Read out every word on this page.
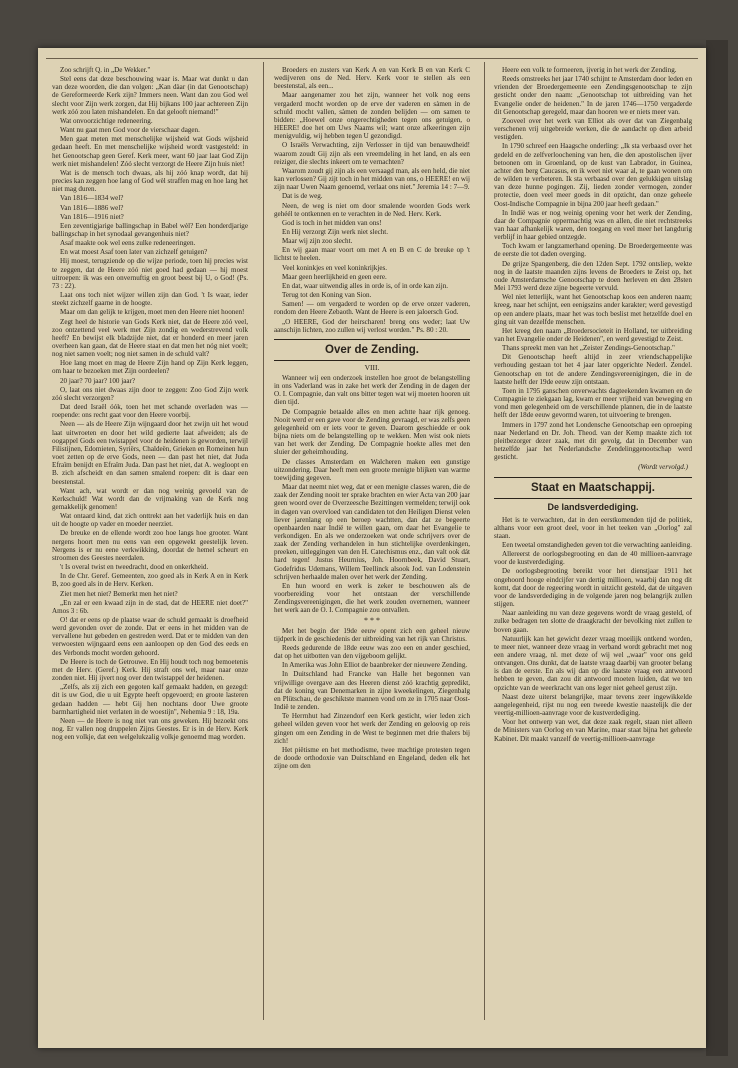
Zoo schrijft Q. in „De Wekker."

Stel eens dat deze beschouwing waar is. Maar wat dunkt u dan van deze woorden, die dan volgen: „Kan dàar (in dat Genootschap) de Gereformeerde Kerk zijn? Immers neen. Want dan zou God wel slecht voor Zijn werk zorgen, dat Hij bijkans 100 jaar achtereen Zijn werk zóó zou laten mishandelen. En dat gelooft niemand!"

Wat onvoorzichtige redeneering.

Want nu gaat men God voor de vierschaar dagen.

Men gaat meten met menschelijke wijsheid wat Gods wijsheid gedaan heeft. En met menschelijke wijsheid wordt vastgesteld: in het Genootschap geen Geref. Kerk meer, want 60 jaar laat God Zijn werk niet mishandelen! Zóó slecht verzorgt de Heere Zijn huis niet!

Wat is de mensch toch dwaas, als hij zóó knap wordt, dat hij precies kan zeggen hoe lang of God wèl straffen mag en hoe lang het niet mag duren.

Van 1816—1834 wel?

Van 1816—1886 wel?

Van 1816—1916 niet?

Een zeventigjarige ballingschap in Babel wèl? Een honderdjarige ballingschap in het synodaal gevangenhuis niet?

Asaf maakte ook wel eens zulke redeneeringen.

En wat moest Asaf toen later van zichzelf getuigen?

Hij moest, terugziende op die wijze periode, toen hij precies wist te zeggen, dat de Heere zóó niet goed had gedaan — hij moest uitroepen: ik was een onvernuftig en groot beest bij U, o God! (Ps. 73 : 22).

Laat ons toch niet wijzer willen zijn dan God. 't Is waar, ieder steekt zichzelf gaarne in de hoogte.

Maar om dan gelijk te krijgen, moet men den Heere niet hoonen!

Zegt heel de historie van Gods Kerk niet, dat de Heere zóó veel, zoo ontzettend veel werk met Zijn zondig en wederstrevend volk heeft? En bewijst elk bladzijde niet, dat er honderd en meer jaren overheen kan gaan, dat de Heere staat en dat men het nóg niet voelt; nog niet samen voelt; nog niet samen in de schuld valt?

Hoe lang moet en mag de Heere Zijn hand op Zijn Kerk leggen, om haar te bezoeken met Zijn oordeelen?

20 jaar? 70 jaar? 100 jaar?

O, laat ons niet dwaas zijn door te zeggen: Zoo God Zijn werk zóó slecht verzorgen?

Dat deed Israël óók, toen het met schande overladen was — roepende: ons recht gaat voor den Heere voorbij.

Neen — als de Heere Zijn wijngaard door het zwijn uit het woud laat uitwroeten en door het wild gedierte laat afweiden; als de oogappel Gods een twistappel voor de heidenen is geworden, terwijl Filistijnen, Edomieten, Syriërs, Chaldeën, Grieken en Romeinen hun voet zetten op de erve Gods, neen — dan past het niet, dat Juda Efraïm benijdt en Efraïm Juda. Dan past het niet, dat A. wegloopt en B. zich afscheidt en dan samen smalend roepen: dit is daar een beestenstal.

Want ach, wat wordt er dan nog weinig gevoeld van de Kerkschuld! Wat wordt dan de vrijmaking van de Kerk nog gemakkelijk genomen!

Wat ontaard kind, dat zich onttrekt aan het vaderlijk huis en dan uit de hoogte op vader en moeder neerziet.

De breuke en de ellende wordt zoo hoe langs hoe grooter. Want nergens hoort men nu eens van een opgewekt geestelijk leven. Nergens is er nu eene verkwikking, doordat de hemel scheurt en stroomen des Geestes neerdalen.

't Is overal twist en tweedracht, dood en onkerkheid.

In de Chr. Geref. Gemeenten, zoo goed als in Kerk A en in Kerk B, zoo goed als in de Herv. Kerken.

Ziet men het niet? Bemerkt men het niet?

„En zal er een kwaad zijn in de stad, dat de HEERE niet doet?" Amos 3 : 6b.

O! dat er eens op de plaatse waar de schuld gemaakt is droefheid werd gevonden over de zonde. Dat er eens in het midden van de vervallene hut gebeden en gestreden werd. Dat er te midden van den verwoesten wijngaard eens een aanloopen op den God des eeds en des Verbonds mocht worden gehoord.

De Heere is toch de Getrouwe. En Hij houdt toch nog bemoetenis met de Herv. (Geref.) Kerk. Hij straft ons wel, maar naar onze zonden niet. Hij ijvert nog over den twistappel der heidenen.

„Zelfs, als zij zich een gegoten kalf gemaakt hadden, en gezegd: dit is uw God, die u uit Egypte heeft opgevoerd; en groote lasteren gedaan hadden — hebt Gij hen nochtans door Uwe groote barmhartigheid niet verlaten in de woestijn", Nehemia 9 : 18, 19a.

Neen — de Heere is nog niet van ons geweken. Hij bezoekt ons nog. Er vallen nog druppelen Zijns Geestes. Er is in de Herv. Kerk nog een volkje, dat een welgelukzalig volkje genoemd mag worden.

Broeders en zusters van Kerk A en van Kerk B en van Kerk C wedijveren ons de Ned. Herv. Kerk voor te stellen als een beestenstal, als een...

Maar aangenamer zou het zijn, wanneer het volk nog eens vergaderd mocht worden op de erve der vaderen en sàmen in de schuld mocht vallen, sàmen de zonden belijden — om samen te bidden: „Hoewel onze ongerechtigheden tegen ons getuigen, o HEERE! doe het om Uws Naams wil; want onze afkeeringen zijn menigvuldig, wij hebben tegen U gezondigd.

O Israëls Verwachting, zijn Verlosser in tijd van benauwdheid! waarom zoudt Gij zijn als een vreemdeling in het land, en als een reiziger, die slechts inkeert om te vernachten?

Waarom zoudt gij zijn als een versaagd man, als een held, die niet kan verlossen? Gij zijt toch in het midden van ons, o HEERE! en wij zijn naar Uwen Naam genoemd, verlaat ons niet." Jeremia 14 : 7—9.

Dat is de weg.

Neen, de weg is niet om door smalende woorden Gods werk gehéél te ontkennen en te verachten in de Ned. Herv. Kerk.

God is toch in het midden van ons!

En Hij verzorgt Zijn werk niet slecht.

Maar wij zijn zoo slecht.

En wij gaan maar voort om met A en B en C de breuke op 't lichtst te heelen.

Veel koninkjes en veel koninkrijkjes.

Maar geen heerlijkheid en geen eere.

En dat, waar uitwendig alles in orde is, of in orde kan zijn.

Terug tot den Koning van Sion.

Samen! — om vergaderd te worden op de erve onzer vaderen, rondom den Heere Zebaoth. Want de Heere is een jaloersch God.

„O HEERE, God der heirscharen! breng ons weder; laat Uw aanschijn lichten, zoo zullen wij verlost worden." Ps. 80 : 20.

Over de Zending.
VIII.

Wanneer wij een onderzoek instellen hoe groot de belangstelling in ons Vaderland was in zake het werk der Zending in de dagen der O. I. Compagnie, dan valt ons bitter tegen wat wij moeten hooren uit dien tijd.

De Compagnie betaalde alles en men achtte haar rijk genoeg. Nooit werd er een gave voor de Zending gevraagd, er was zelfs geen gelegenheid om er iets voor te geven. Daarom geschiedde er ook bijna niets om de belangstelling op te wekken. Men wist ook niets van het werk der Zending. De Compagnie hoekte alles met den sluier der geheimhouding.

De classes Amsterdam en Walcheren maken een gunstige uitzondering. Daar heeft men een groote menigte blijken van warme toewijding gegeven.

Maar dat neemt niet weg, dat er een menigte classes waren, die de zaak der Zending nooit ter sprake brachten en wier Acta van 200 jaar geen woord over de Overzeesche Bezittingen vermelden; terwijl ook in dagen van overvloed van candidaten tot den Heiligen Dienst velen liever jarenlang op een beroep wachtten, dan dat ze begeerte openbaarden naar Indië te willen gaan, om daar het Evangelie te verkondigen. En als we onderzoeken wat onde schrijvers over de zaak der Zending verhandelen in hun stichtelijke overdenkingen, preeken, uitleggingen van den H. Catechismus enz., dan valt ook dát hard tegen! Justus Heurnius, Joh. Hoornbeek, David Stuart, Godefridus Udemans, Willem Teellinck alsook Jod. van Lodenstein schrijven herhaalde malen over het werk der Zending.

En hun woord en werk is zeker te beschouwen als de voorbereiding voor het ontstaan der verschillende Zendingsvereenigingen, die het werk zouden overnemen, wanneer het werk aan de O. I. Compagnie zou ontvallen.

* * *

Met het begin der 19de eeuw opent zich een geheel nieuw tijdperk in de geschiedenis der uitbreiding van het rijk van Christus.

Reeds gedurende de 18de eeuw was zoo een en ander geschied, dat op het uitbotten van den vijgeboom gelijkt.

In Amerika was John Elliot de baanbreker der nieuwere Zending.

In Duitschland had Francke van Halle het begonnen van vrijwillige overgave aan des Heeren dienst zóó krachtig gepredikt, dat de koning van Denemarken in zijne kweekelingen, Ziegenbalg en Plütschau, de geschiktste mannen vond om ze in 1705 naar Oost-Indië te zenden.

Te Herrnhut had Zinzendorf een Kerk gesticht, wier leden zich geheel wilden geven voor het werk der Zending en geloovig op reis gingen om een Zending in de West te beginnen met drie thalers bij zich!

Het piëtisme en het methodisme, twee machtige protesten tegen de doode orthodoxie van Duitschland en Engeland, deden elk het zijne om den

Heere een volk te formeeren, ijverig in het werk der Zending.

Reeds omstreeks het jaar 1740 schijnt te Amsterdam door leden en vrienden der Broedergemeente een Zendingsgenootschap te zijn gesticht onder den naam: „Genootschap tot uitbreiding van het Evangelie onder de heidenen." In de jaren 1746—1750 vergaderde dit Genootschap geregeld, maar dan hooren we er niets meer van.

Zooveel over het werk van Elliot als over dat van Ziegenbalg verschenen vrij uitgebreide werken, die de aandacht op dien arbeid vestigden.

In 1790 schreef een Haagsche onderling: „Ik sta verbaasd over het gedeld en de zelfverloochening van hen, die den apostolischen ijver betoonen om in Groenland, op de kust van Labrador, in Guinea, achter den berg Caucasus, en ik weet niet waar al, te gaan wonen om de wilden te verbeteren. Ik sta verbaasd over den gelukkigen uitslag van deze hunne pogingen. Zij, lieden zonder vermogen, zonder protectie, doen veel meer goeds in dit opzicht, dan onze geheele Oost-Indische Compagnie in bijna 200 jaar heeft gedaan."

In Indië was er nog weinig opening voor het werk der Zending, daar de Compagnie oppermachtig was en allen, die niet rechtstreeks van haar afhankelijk waren, den toegang en veel meer het langdurig verblijf in haar gebied ontzegde.

Toch kwam er langzamerhand opening. De Broedergemeente was de eerste die tot daden overging.

De grijze Spangenberg, die den 12den Sept. 1792 ontsliep, wekte nog in de laatste maanden zijns levens de Broeders te Zeist op, het oude Amsterdamsche Genootschap te doen herleven en den 28sten Mei 1793 werd deze zijne begeerte vervuld.

Wel niet letterlijk, want het Genootschap koos een anderen naam; kreeg, naar het schijnt, een eenigszins ander karakter; werd gevestigd op een andere plaats, maar het was toch beslist met hetzelfde doel en ging uit van dezelfde menschen.

Het kreeg den naam „Broedersocieteit in Holland, ter uitbreiding van het Evangelie onder de Heidenen", en werd gevestigd te Zeist.

Thans spreekt men van het „Zeister Zendings-Genootschap."

Dit Genootschap heeft altijd in zeer vriendschappelijke verhouding gestaan tot het 4 jaar later opgerichte Nederl. Zendel. Genootschap en tot de andere Zendingsvereenigingen, die in de laatste helft der 19de eeuw zijn ontstaan.

Toen in 1795 ganschen onverwachts dagteekenden kwamen en de Compagnie te ziekgaan lag, kwam er meer vrijheid van beweging en vond men gelegenheid om de verschillende plannen, die in de laatste helft der 18de eeuw gevormd waren, tot uitvoering te brengen.

Immers in 1797 zond het Londensche Genootschap een oproeping naar Nederland en Dr. Joh. Theod. van der Kemp maakte zich tot pleitbezorger dezer zaak, met dit gevolg, dat in December van hetzelfde jaar het Nederlandsche Zendelinggenootschap werd gesticht.

(Wordt vervolgd.)
Staat en Maatschappij.
De landsverdediging.

Het is te verwachten, dat in den eerstkomenden tijd de politiek, althans voor een groot deel, voor in het teeken van „Oorlog" zal staan.

Een tweetal omstandigheden geven tot die verwachting aanleiding.

Allereerst de oorlogsbegrooting en dan de 40 millioen-aanvrage voor de kustverdediging.

De oorlogsbegrooting bereikt voor het dienstjaar 1911 het ongehoord hooge eindcijfer van dertig millioen, waarbij dan nog dit komt, dat door de regeering wordt in uitzicht gesteld, dat de uitgaven voor de landsverdediging in de volgende jaren nog belangrijk zullen stijgen.

Naar aanleiding nu van deze gegevens wordt de vraag gesteld, of zulke bedragen ten slotte de draagkracht der bevolking niet zullen te boven gaan.

Natuurlijk kan het gewicht dezer vraag moeilijk ontkend worden, te meer niet, wanneer deze vraag in verband wordt gebracht met nog een andere vraag, nl. met deze of wij wel „waar" voor ons geld ontvangen. Ons dunkt, dat de laatste vraag daarbij van grooter belang is dan de eerste. En als wij dan op die laatste vraag een antwoord hebben te geven, dan zou dit antwoord moeten luiden, dat we ten opzichte van de weerkracht van ons leger niet geheel gerust zijn.

Naast deze uiterst belangrijke, maar tevens zeer ingewikkelde aangelegenheid, rijst nu nog een tweede kwestie naastelijk die der veertig-millioen-aanvrage voor de kustverdediging.

Voor het ontwerp van wet, dat deze zaak regelt, staan niet alleen de Ministers van Oorlog en van Marine, maar staat bijna het geheele Kabinet. Dit maakt vanzelf de veertig-millioen-aanvrage
